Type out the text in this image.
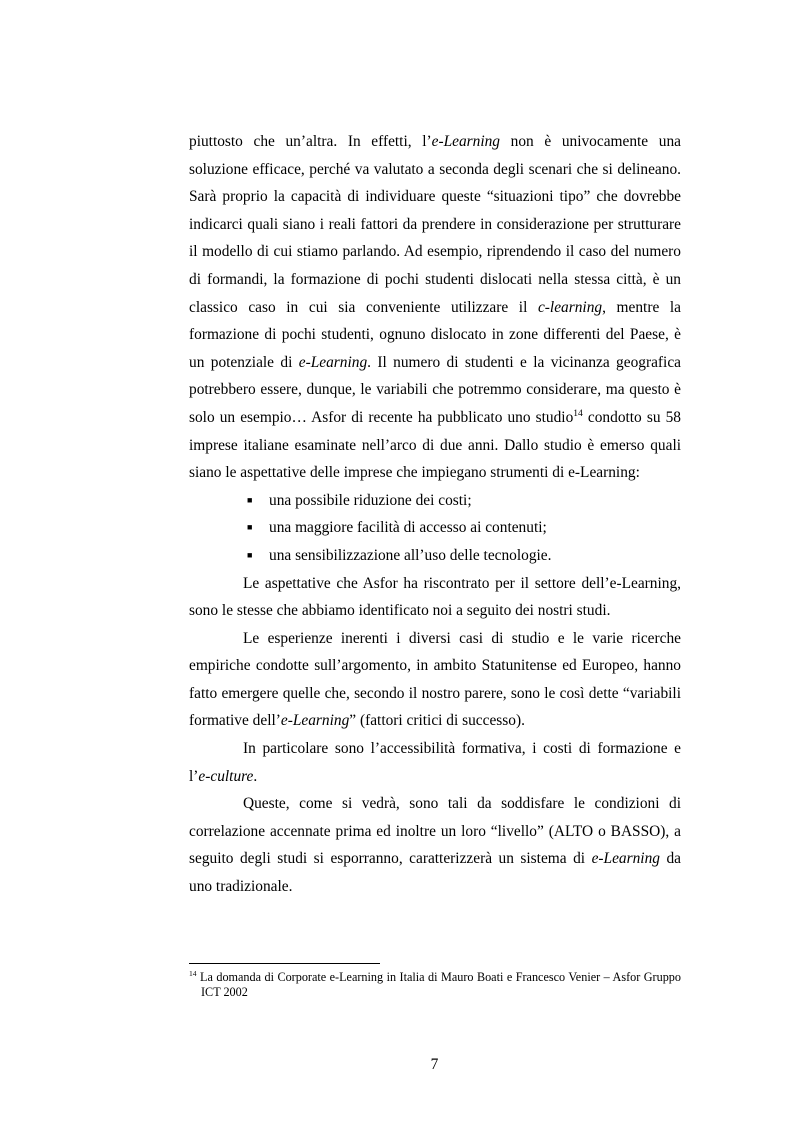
piuttosto che un’altra. In effetti, l’e-Learning non è univocamente una soluzione efficace, perché va valutato a seconda degli scenari che si delineano. Sarà proprio la capacità di individuare queste “situazioni tipo” che dovrebbe indicarci quali siano i reali fattori da prendere in considerazione per strutturare il modello di cui stiamo parlando. Ad esempio, riprendendo il caso del numero di formandi, la formazione di pochi studenti dislocati nella stessa città, è un classico caso in cui sia conveniente utilizzare il c-learning, mentre la formazione di pochi studenti, ognuno dislocato in zone differenti del Paese, è un potenziale di e-Learning. Il numero di studenti e la vicinanza geografica potrebbero essere, dunque, le variabili che potremmo considerare, ma questo è solo un esempio… Asfor di recente ha pubblicato uno studio$^{14}$ condotto su 58 imprese italiane esaminate nell’arco di due anni. Dallo studio è emerso quali siano le aspettative delle imprese che impiegano strumenti di e-Learning:

■ una possibile riduzione dei costi;
■ una maggiore facilità di accesso ai contenuti;
■ una sensibilizzazione all’uso delle tecnologie.

Le aspettative che Asfor ha riscontrato per il settore dell’e-Learning, sono le stesse che abbiamo identificato noi a seguito dei nostri studi.

Le esperienze inerenti i diversi casi di studio e le varie ricerche empiriche condotte sull’argomento, in ambito Statunitense ed Europeo, hanno fatto emergere quelle che, secondo il nostro parere, sono le così dette “variabili formative dell’e-Learning” (fattori critici di successo).

In particolare sono l’accessibilità formativa, i costi di formazione e l’e-culture.

Queste, come si vedrà, sono tali da soddisfare le condizioni di correlazione accennate prima ed inoltre un loro “livello” (ALTO o BASSO), a seguito degli studi si esporranno, caratterizzerà un sistema di e-Learning da uno tradizionale.

$^{14}$ La domanda di Corporate e-Learning in Italia di Mauro Boati e Francesco Venier – Asfor Gruppo ICT 2002
7
